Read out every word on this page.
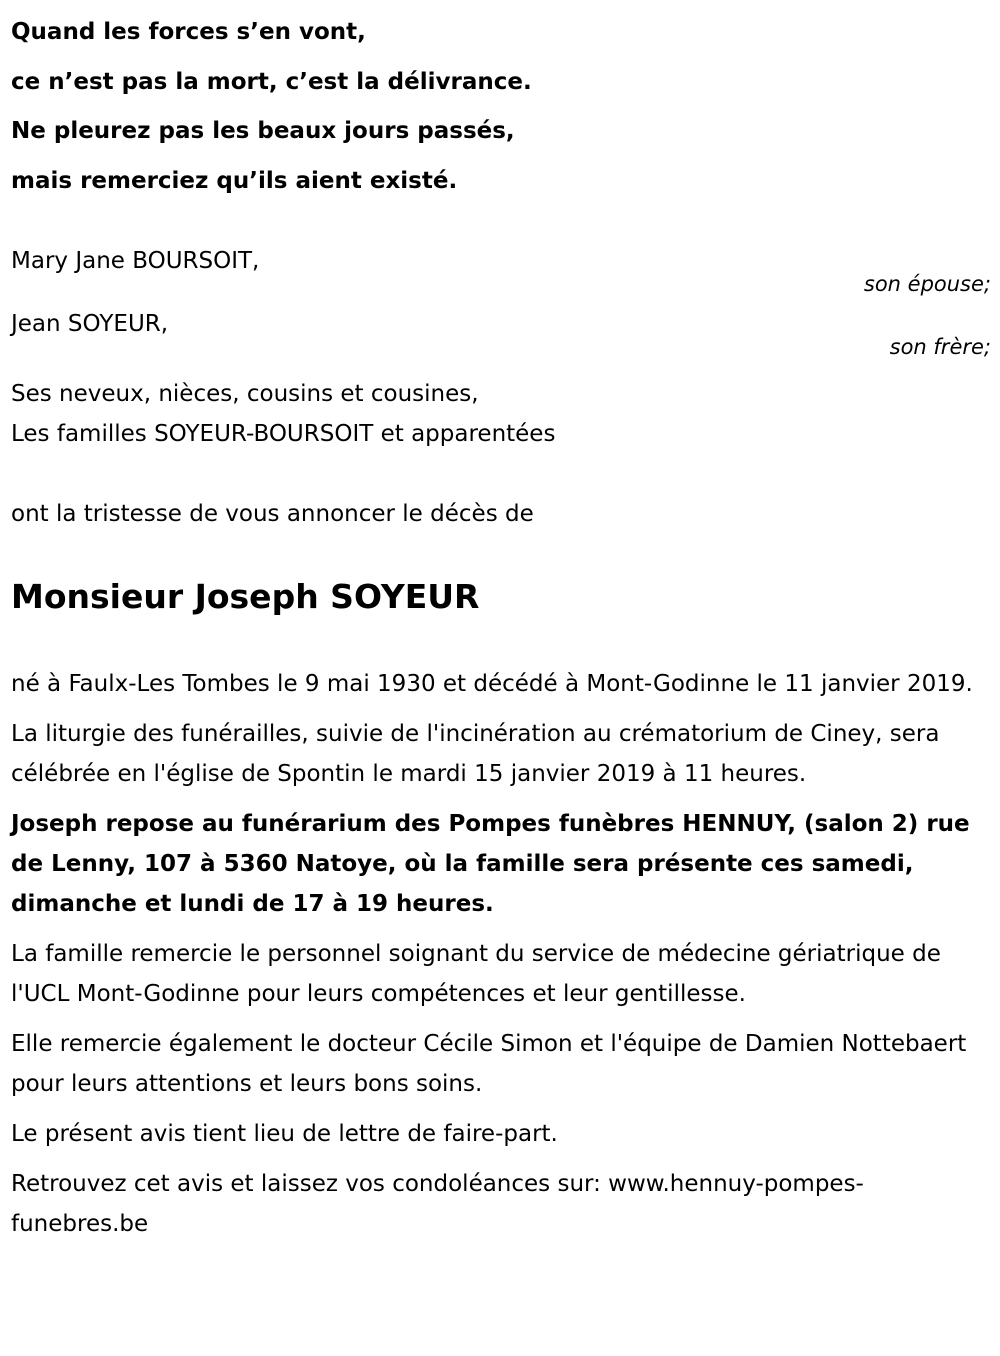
Quand les forces s’en vont,

ce n’est pas la mort, c’est la délivrance.

Ne pleurez pas les beaux jours passés,

mais remerciez qu’ils aient existé.

Mary Jane BOURSOIT,
son épouse;
Jean SOYEUR,
son frère;
Ses neveux, nièces, cousins et cousines,
Les familles SOYEUR-BOURSOIT et apparentées
ont la tristesse de vous annoncer le décès de
Monsieur Joseph SOYEUR

né à Faulx-Les Tombes le 9 mai 1930 et décédé à Mont-Godinne le 11 janvier 2019.

La liturgie des funérailles, suivie de l'incinération au crématorium de Ciney, sera célébrée en l'église de Spontin le mardi 15 janvier 2019 à 11 heures.

Joseph repose au funérarium des Pompes funèbres HENNUY, (salon 2) rue de Lenny, 107 à 5360 Natoye, où la famille sera présente ces samedi, dimanche et lundi de 17 à 19 heures.

La famille remercie le personnel soignant du service de médecine gériatrique de l'UCL Mont-Godinne pour leurs compétences et leur gentillesse.

Elle remercie également le docteur Cécile Simon et l'équipe de Damien Nottebaert pour leurs attentions et leurs bons soins.

Le présent avis tient lieu de lettre de faire-part.

Retrouvez cet avis et laissez vos condoléances sur: www.hennuy-pompes-funebres.be
